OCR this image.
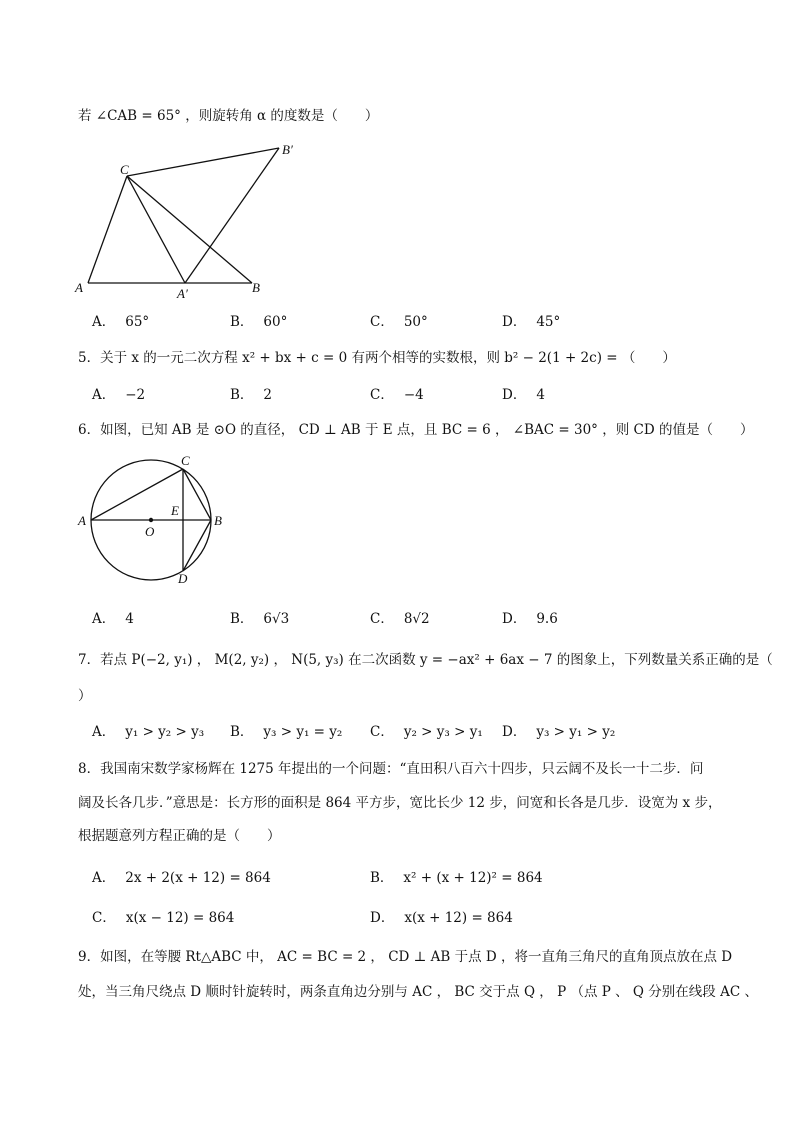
若 ∠CAB = 65° ，则旋转角 α 的度数是（　　）
A	A′	B
B′
C
A． 65°	B． 60°	C． 50°	D． 45°
5．关于 x 的一元二次方程 x² + bx + c = 0 有两个相等的实数根，则 b² − 2(1 + 2c) = （　　）
A． −2	B． 2	C． −4	D． 4
6．如图，已知 AB 是 ⊙O 的直径， CD ⊥ AB 于 E 点，且 BC = 6 ， ∠BAC = 30° ，则 CD 的值是（　　）
A	B
C
D
E
O
A． 4	B． 6√3	C． 8√2	D． 9.6
7．若点 P(−2, y₁) ， M(2, y₂) ， N(5, y₃) 在二次函数 y = −ax² + 6ax − 7 的图象上，下列数量关系正确的是（
）
A． y₁ > y₂ > y₃ B． y₃ > y₁ = y₂ C． y₂ > y₃ > y₁ D． y₃ > y₁ > y₂
8．我国南宋数学家杨辉在 1275 年提出的一个问题：“直田积八百六十四步，只云阔不及长一十二步．问
阔及长各几步．”意思是：长方形的面积是 864 平方步，宽比长少 12 步，问宽和长各是几步．设宽为 x 步，
根据题意列方程正确的是（　　）
A． 2x + 2(x + 12) = 864	B． x² + (x + 12)² = 864
C． x(x − 12) = 864	D． x(x + 12) = 864
9．如图，在等腰 Rt△ABC 中， AC = BC = 2 ， CD ⊥ AB 于点 D ，将一直角三角尺的直角顶点放在点 D
处，当三角尺绕点 D 顺时针旋转时，两条直角边分别与 AC ， BC 交于点 Q ， P （点 P 、 Q 分别在线段 AC 、
